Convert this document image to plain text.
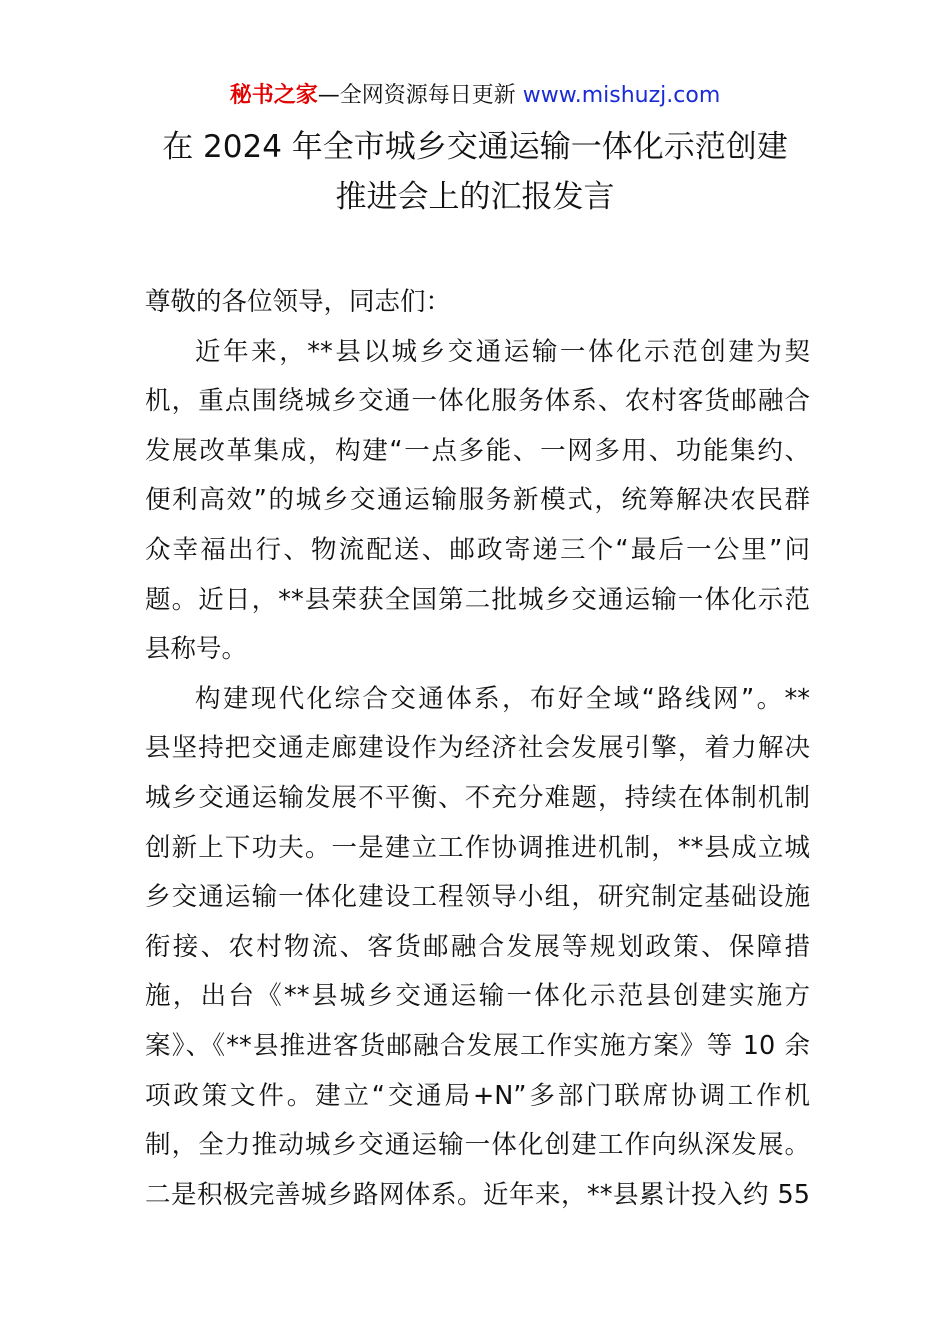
秘书之家—全网资源每日更新 www.mishuzj.com
在 2024 年全市城乡交通运输一体化示范创建
推进会上的汇报发言
尊敬的各位领导，同志们：
近年来，**县以城乡交通运输一体化示范创建为契
机，重点围绕城乡交通一体化服务体系、农村客货邮融合
发展改革集成，构建“一点多能、一网多用、功能集约、
便利高效”的城乡交通运输服务新模式，统筹解决农民群
众幸福出行、物流配送、邮政寄递三个“最后一公里”问
题。近日，**县荣获全国第二批城乡交通运输一体化示范
县称号。
构建现代化综合交通体系，布好全域“路线网”。**
县坚持把交通走廊建设作为经济社会发展引擎，着力解决
城乡交通运输发展不平衡、不充分难题，持续在体制机制
创新上下功夫。一是建立工作协调推进机制，**县成立城
乡交通运输一体化建设工程领导小组，研究制定基础设施
衔接、农村物流、客货邮融合发展等规划政策、保障措
施，出台《**县城乡交通运输一体化示范县创建实施方
案》、《**县推进客货邮融合发展工作实施方案》等 10 余
项政策文件。建立“交通局+N”多部门联席协调工作机
制，全力推动城乡交通运输一体化创建工作向纵深发展。
二是积极完善城乡路网体系。近年来，**县累计投入约 55
